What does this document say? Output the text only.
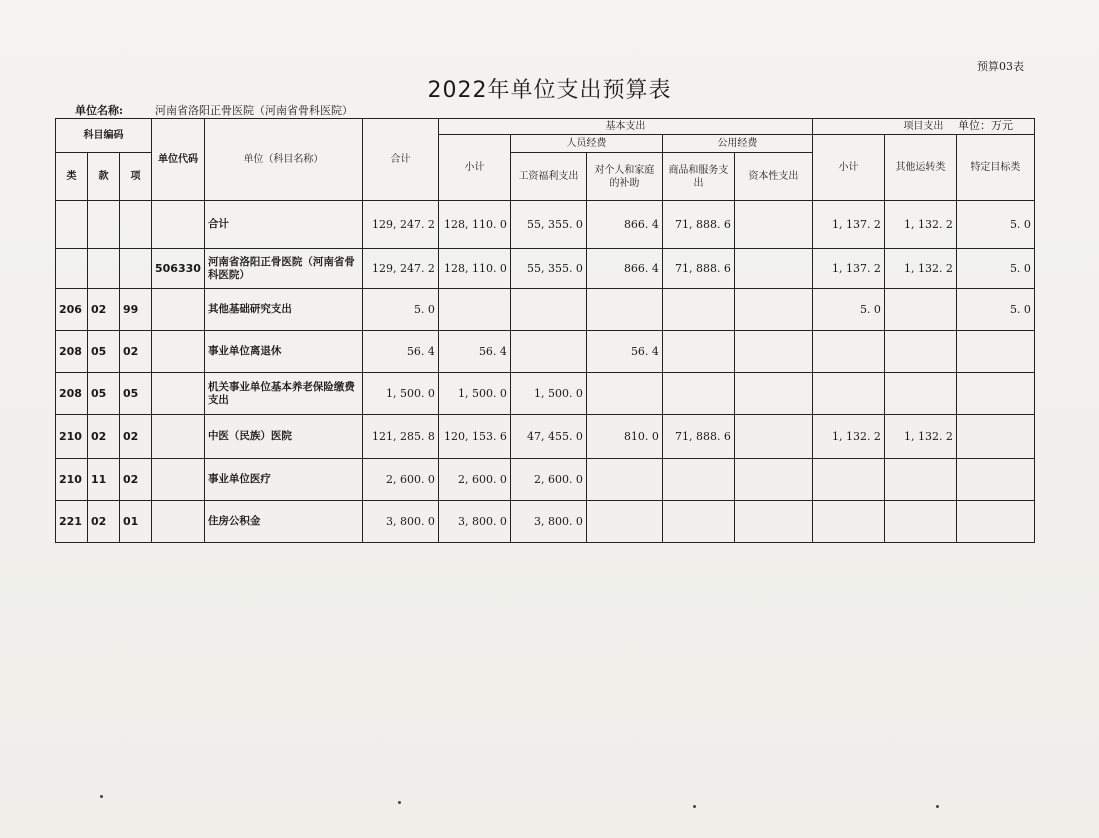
预算03表
2022年单位支出预算表
单位名称:	河南省洛阳正骨医院（河南省骨科医院）
单位：万元
科目编码			单位代码	单位（科目名称）	合计	基本支出					项目支出		
						小计	人员经费		公用经费		小计	其他运转类	特定目标类
类	款	项					工资福利支出	对个人和家庭的补助	商品和服务支出	资本性支出			
				合计	129, 247. 2	128, 110. 0	55, 355. 0	866. 4	71, 888. 6		1, 137. 2	1, 132. 2	5. 0
			506330	河南省洛阳正骨医院（河南省骨科医院）	129, 247. 2	128, 110. 0	55, 355. 0	866. 4	71, 888. 6		1, 137. 2	1, 132. 2	5. 0
206	02	99		其他基础研究支出	5. 0						5. 0		5. 0
208	05	02		事业单位离退休	56. 4	56. 4		56. 4					
208	05	05		机关事业单位基本养老保险缴费支出	1, 500. 0	1, 500. 0	1, 500. 0						
210	02	02		中医（民族）医院	121, 285. 8	120, 153. 6	47, 455. 0	810. 0	71, 888. 6		1, 132. 2	1, 132. 2	
210	11	02		事业单位医疗	2, 600. 0	2, 600. 0	2, 600. 0						
221	02	01		住房公积金	3, 800. 0	3, 800. 0	3, 800. 0						
